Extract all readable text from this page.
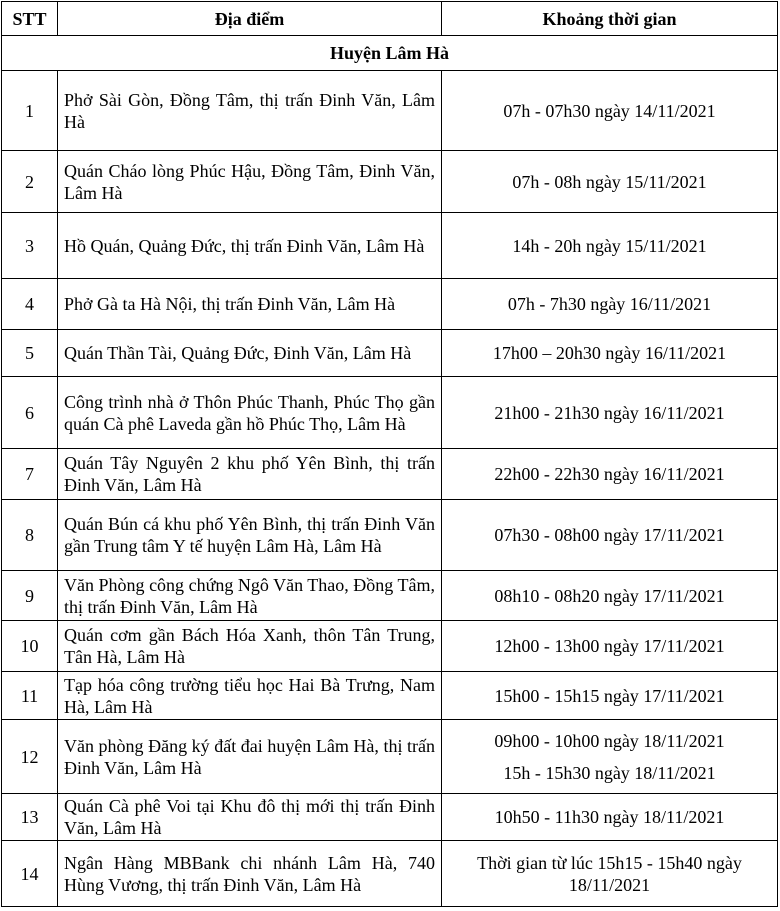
STT	Địa điểm	Khoảng thời gian
Huyện Lâm Hà		
1	Phở Sài Gòn, Đồng Tâm, thị trấn Đinh Văn, Lâm Hà	07h - 07h30 ngày 14/11/2021

2	Quán Cháo lòng Phúc Hậu, Đồng Tâm, Đinh Văn, Lâm Hà	07h - 08h ngày 15/11/2021

3	Hồ Quán, Quảng Đức, thị trấn Đinh Văn, Lâm Hà	14h - 20h ngày 15/11/2021

4	Phở Gà ta Hà Nội, thị trấn Đinh Văn, Lâm Hà	07h - 7h30 ngày 16/11/2021

5	Quán Thần Tài, Quảng Đức, Đinh Văn, Lâm Hà	17h00 – 20h30 ngày 16/11/2021

6	Công trình nhà ở Thôn Phúc Thanh, Phúc Thọ gần quán Cà phê Laveda gần hồ Phúc Thọ, Lâm Hà	21h00 - 21h30 ngày 16/11/2021

7	Quán Tây Nguyên 2 khu phố Yên Bình, thị trấn Đinh Văn, Lâm Hà	22h00 - 22h30 ngày 16/11/2021

8	Quán Bún cá khu phố Yên Bình, thị trấn Đinh Văn gần Trung tâm Y tế huyện Lâm Hà, Lâm Hà	07h30 - 08h00 ngày 17/11/2021

9	Văn Phòng công chứng Ngô Văn Thao, Đồng Tâm, thị trấn Đinh Văn, Lâm Hà	08h10 - 08h20 ngày 17/11/2021

10	Quán cơm gần Bách Hóa Xanh, thôn Tân Trung, Tân Hà, Lâm Hà	12h00 - 13h00 ngày 17/11/2021

11	Tạp hóa công trường tiểu học Hai Bà Trưng, Nam Hà, Lâm Hà	15h00 - 15h15 ngày 17/11/2021

12	Văn phòng Đăng ký đất đai huyện Lâm Hà, thị trấn Đinh Văn, Lâm Hà	09h00 - 10h00 ngày 18/11/2021
15h - 15h30 ngày 18/11/2021

13	Quán Cà phê Voi tại Khu đô thị mới thị trấn Đinh Văn, Lâm Hà	10h50 - 11h30 ngày 18/11/2021

14	Ngân Hàng MBBank chi nhánh Lâm Hà, 740 Hùng Vương, thị trấn Đinh Văn, Lâm Hà	Thời gian từ lúc 15h15 - 15h40 ngày 18/11/2021
